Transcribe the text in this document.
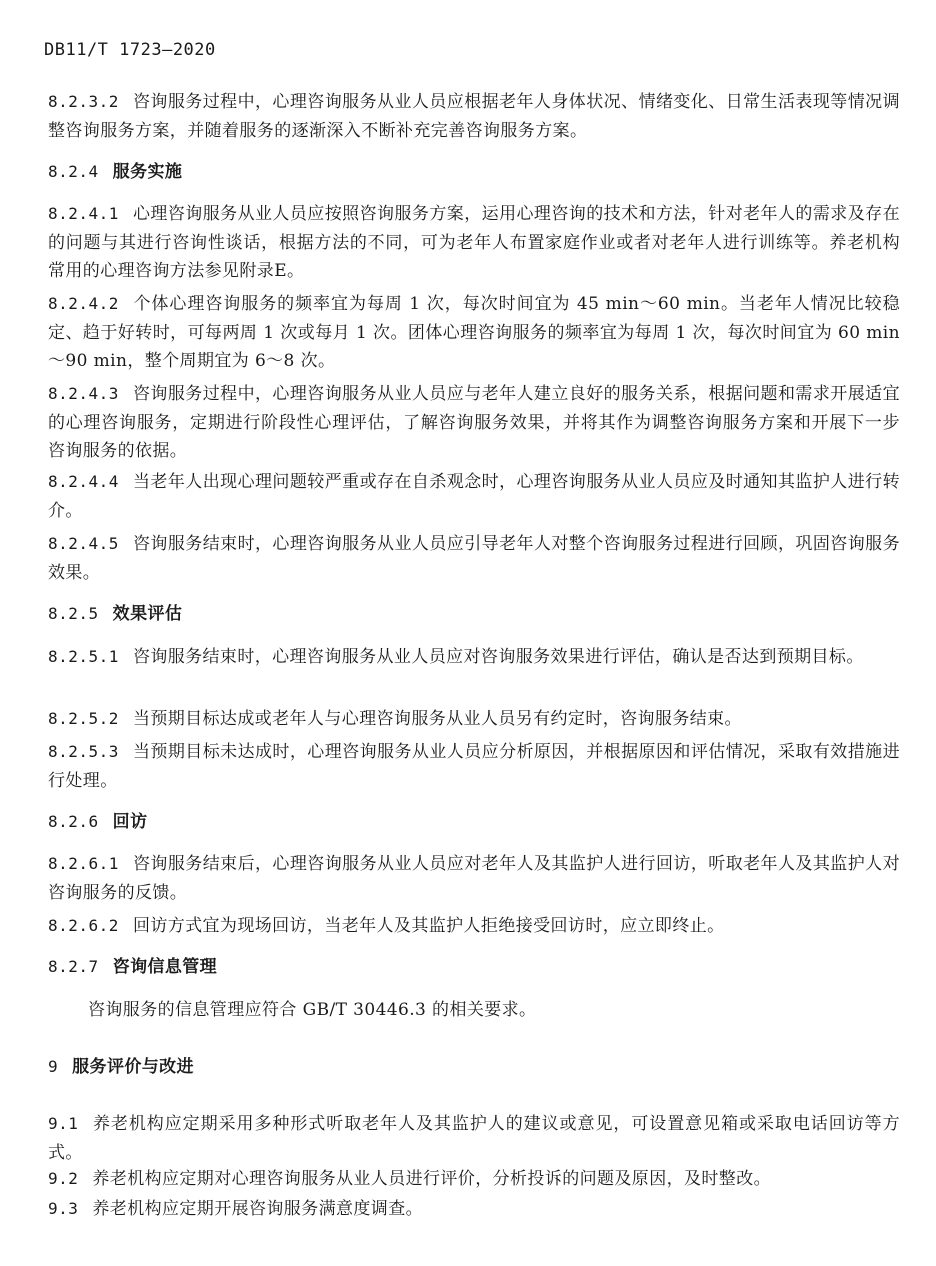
DB11/T 1723—2020
8.2.3.2 咨询服务过程中，心理咨询服务从业人员应根据老年人身体状况、情绪变化、日常生活表现等情况调整咨询服务方案，并随着服务的逐渐深入不断补充完善咨询服务方案。
8.2.4 服务实施
8.2.4.1 心理咨询服务从业人员应按照咨询服务方案，运用心理咨询的技术和方法，针对老年人的需求及存在的问题与其进行咨询性谈话，根据方法的不同，可为老年人布置家庭作业或者对老年人进行训练等。养老机构常用的心理咨询方法参见附录E。
8.2.4.2 个体心理咨询服务的频率宜为每周 1 次，每次时间宜为 45 min～60 min。当老年人情况比较稳定、趋于好转时，可每两周 1 次或每月 1 次。团体心理咨询服务的频率宜为每周 1 次，每次时间宜为 60 min～90 min，整个周期宜为 6～8 次。
8.2.4.3 咨询服务过程中，心理咨询服务从业人员应与老年人建立良好的服务关系，根据问题和需求开展适宜的心理咨询服务，定期进行阶段性心理评估，了解咨询服务效果，并将其作为调整咨询服务方案和开展下一步咨询服务的依据。
8.2.4.4 当老年人出现心理问题较严重或存在自杀观念时，心理咨询服务从业人员应及时通知其监护人进行转介。
8.2.4.5 咨询服务结束时，心理咨询服务从业人员应引导老年人对整个咨询服务过程进行回顾，巩固咨询服务效果。
8.2.5 效果评估
8.2.5.1 咨询服务结束时，心理咨询服务从业人员应对咨询服务效果进行评估，确认是否达到预期目标。
8.2.5.2 当预期目标达成或老年人与心理咨询服务从业人员另有约定时，咨询服务结束。
8.2.5.3 当预期目标未达成时，心理咨询服务从业人员应分析原因，并根据原因和评估情况，采取有效措施进行处理。
8.2.6 回访
8.2.6.1 咨询服务结束后，心理咨询服务从业人员应对老年人及其监护人进行回访，听取老年人及其监护人对咨询服务的反馈。
8.2.6.2 回访方式宜为现场回访，当老年人及其监护人拒绝接受回访时，应立即终止。
8.2.7 咨询信息管理
咨询服务的信息管理应符合 GB/T 30446.3 的相关要求。
9 服务评价与改进
9.1 养老机构应定期采用多种形式听取老年人及其监护人的建议或意见，可设置意见箱或采取电话回访等方式。
9.2 养老机构应定期对心理咨询服务从业人员进行评价，分析投诉的问题及原因，及时整改。
9.3 养老机构应定期开展咨询服务满意度调查。
